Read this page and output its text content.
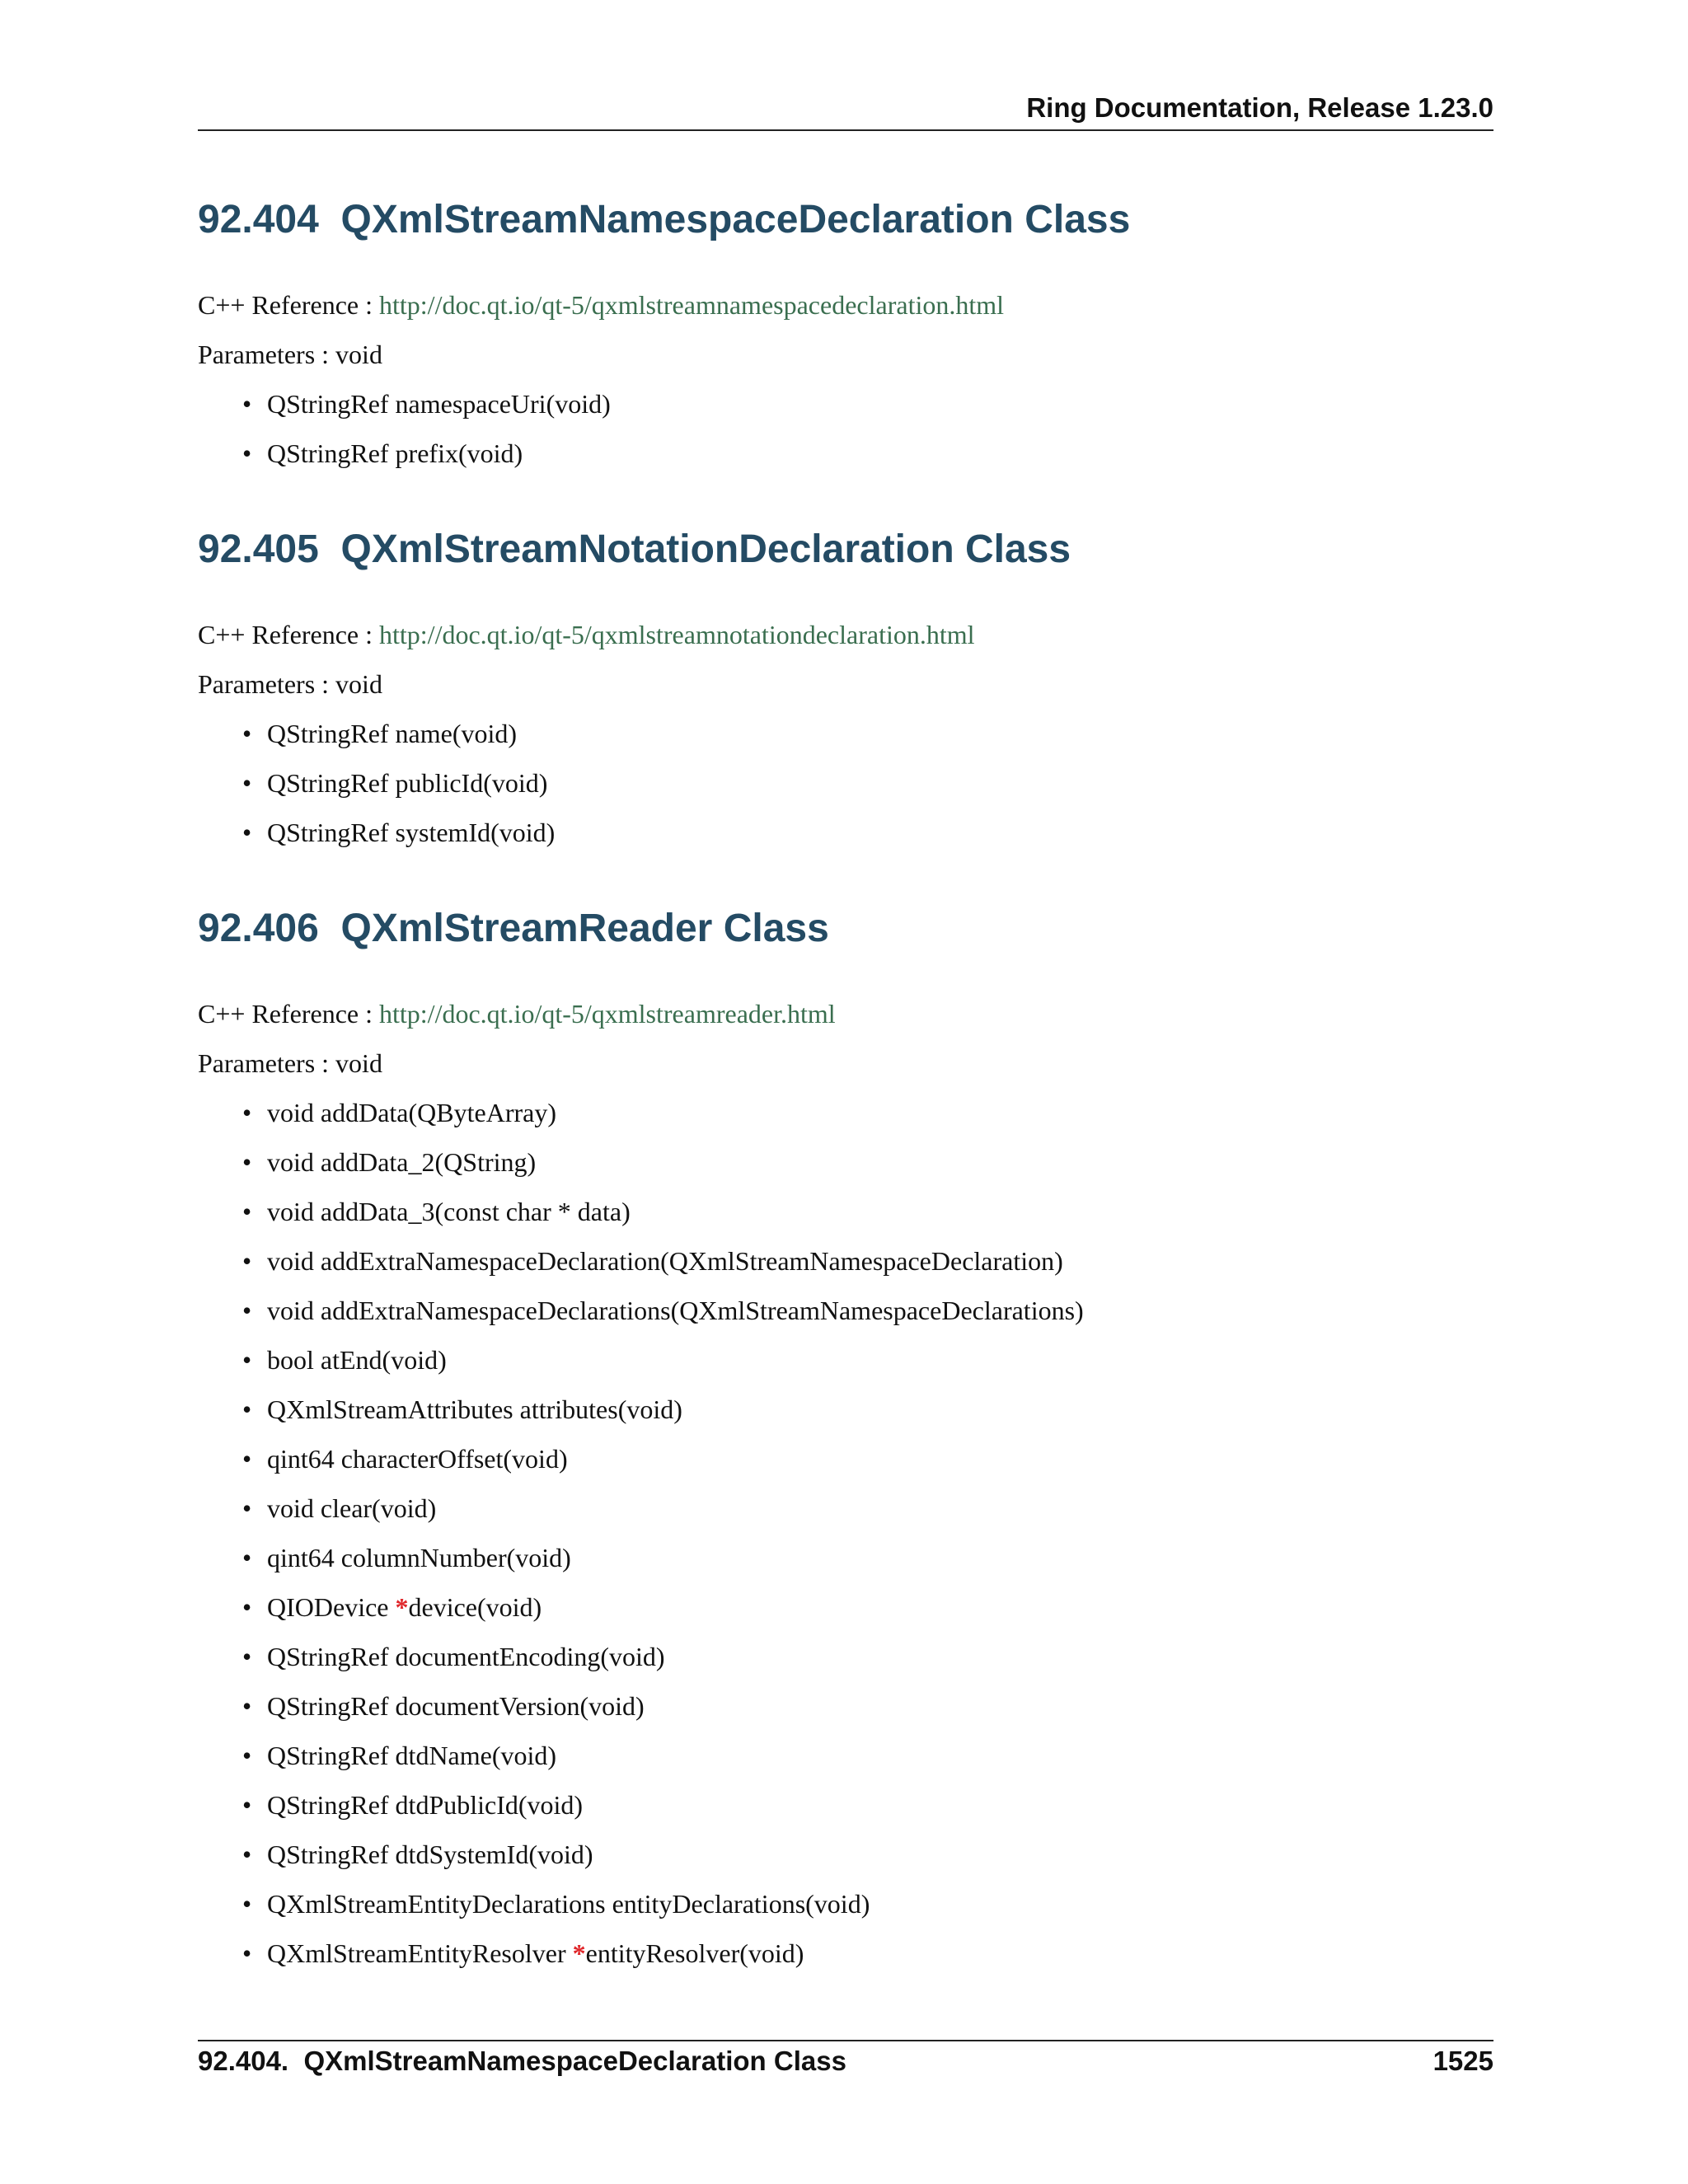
Ring Documentation, Release 1.23.0
92.404  QXmlStreamNamespaceDeclaration Class
C++ Reference : http://doc.qt.io/qt-5/qxmlstreamnamespacedeclaration.html
Parameters : void
• QStringRef namespaceUri(void)
• QStringRef prefix(void)
92.405  QXmlStreamNotationDeclaration Class
C++ Reference : http://doc.qt.io/qt-5/qxmlstreamnotationdeclaration.html
Parameters : void
• QStringRef name(void)
• QStringRef publicId(void)
• QStringRef systemId(void)
92.406  QXmlStreamReader Class
C++ Reference : http://doc.qt.io/qt-5/qxmlstreamreader.html
Parameters : void
• void addData(QByteArray)
• void addData_2(QString)
• void addData_3(const char * data)
• void addExtraNamespaceDeclaration(QXmlStreamNamespaceDeclaration)
• void addExtraNamespaceDeclarations(QXmlStreamNamespaceDeclarations)
• bool atEnd(void)
• QXmlStreamAttributes attributes(void)
• qint64 characterOffset(void)
• void clear(void)
• qint64 columnNumber(void)
• QIODevice *device(void)
• QStringRef documentEncoding(void)
• QStringRef documentVersion(void)
• QStringRef dtdName(void)
• QStringRef dtdPublicId(void)
• QStringRef dtdSystemId(void)
• QXmlStreamEntityDeclarations entityDeclarations(void)
• QXmlStreamEntityResolver *entityResolver(void)
92.404.  QXmlStreamNamespaceDeclaration Class	1525
